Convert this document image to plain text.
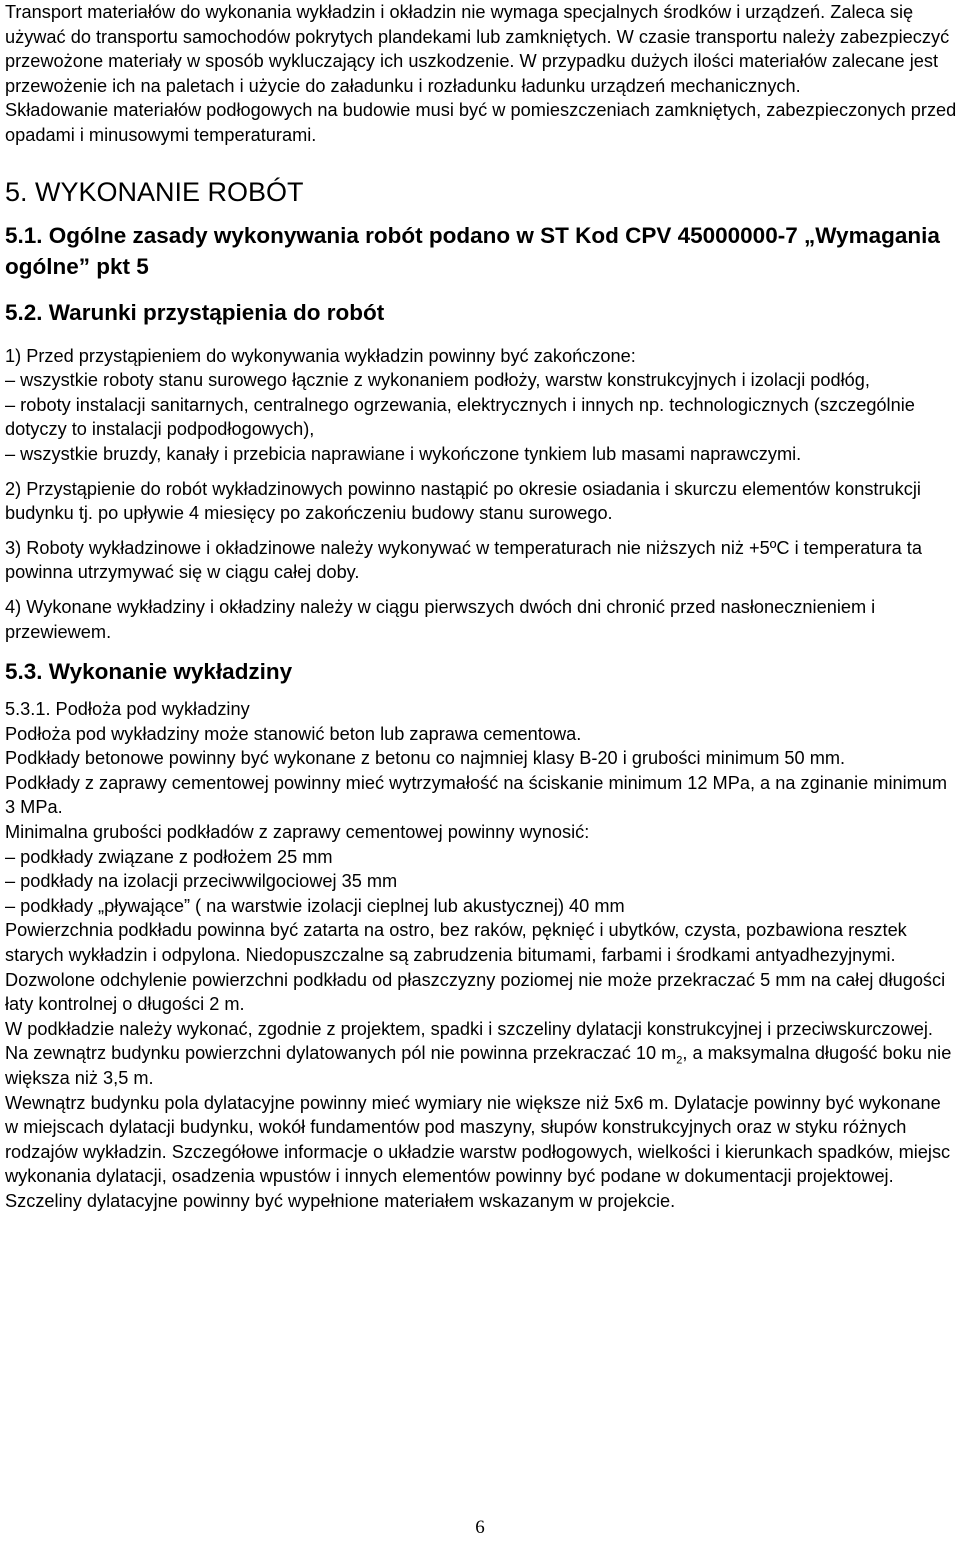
Transport materiałów do wykonania wykładzin i okładzin nie wymaga specjalnych środków i urządzeń. Zaleca się używać do transportu samochodów pokrytych plandekami lub zamkniętych. W czasie transportu należy zabezpieczyć przewożone materiały w sposób wykluczający ich uszkodzenie. W przypadku dużych ilości materiałów zalecane jest przewożenie ich na paletach i użycie do załadunku i rozładunku ładunku urządzeń mechanicznych.

Składowanie materiałów podłogowych na budowie musi być w pomieszczeniach zamkniętych, zabezpieczonych przed opadami i minusowymi temperaturami.

5. WYKONANIE ROBÓT
5.1. Ogólne zasady wykonywania robót podano w ST Kod CPV 45000000-7 „Wymagania ogólne” pkt 5
5.2. Warunki przystąpienia do robót

1) Przed przystąpieniem do wykonywania wykładzin powinny być zakończone:

– wszystkie roboty stanu surowego łącznie z wykonaniem podłoży, warstw konstrukcyjnych i izolacji podłóg,

– roboty instalacji sanitarnych, centralnego ogrzewania, elektrycznych i innych np. technologicznych (szczególnie dotyczy to instalacji podpodłogowych),

– wszystkie bruzdy, kanały i przebicia naprawiane i wykończone tynkiem lub masami naprawczymi.

2) Przystąpienie do robót wykładzinowych powinno nastąpić po okresie osiadania i skurczu elementów konstrukcji budynku tj. po upływie 4 miesięcy po zakończeniu budowy stanu surowego.

3) Roboty wykładzinowe i okładzinowe należy wykonywać w temperaturach nie niższych niż +5ºC i temperatura ta powinna utrzymywać się w ciągu całej doby.

4) Wykonane wykładziny i okładziny należy w ciągu pierwszych dwóch dni chronić przed nasłonecznieniem i przewiewem.

5.3. Wykonanie wykładziny

5.3.1. Podłoża pod wykładziny

Podłoża pod wykładziny może stanowić beton lub zaprawa cementowa.

Podkłady betonowe powinny być wykonane z betonu co najmniej klasy B-20 i grubości minimum 50 mm.

Podkłady z zaprawy cementowej powinny mieć wytrzymałość na ściskanie minimum 12 MPa, a na zginanie minimum 3 MPa.

Minimalna grubości podkładów z zaprawy cementowej powinny wynosić:

– podkłady związane z podłożem 25 mm

– podkłady na izolacji przeciwwilgociowej 35 mm

– podkłady „pływające” ( na warstwie izolacji cieplnej lub akustycznej) 40 mm

Powierzchnia podkładu powinna być zatarta na ostro, bez raków, pęknięć i ubytków, czysta, pozbawiona resztek starych wykładzin i odpylona. Niedopuszczalne są zabrudzenia bitumami, farbami i środkami antyadhezyjnymi.

Dozwolone odchylenie powierzchni podkładu od płaszczyzny poziomej nie może przekraczać 5 mm na całej długości łaty kontrolnej o długości 2 m.

W podkładzie należy wykonać, zgodnie z projektem, spadki i szczeliny dylatacji konstrukcyjnej i przeciwskurczowej. Na zewnątrz budynku powierzchni dylatowanych pól nie powinna przekraczać 10 $m_2$, a maksymalna długość boku nie większa niż 3,5 m.

Wewnątrz budynku pola dylatacyjne powinny mieć wymiary nie większe niż 5x6 m. Dylatacje powinny być wykonane w miejscach dylatacji budynku, wokół fundamentów pod maszyny, słupów konstrukcyjnych oraz w styku różnych rodzajów wykładzin. Szczegółowe informacje o układzie warstw podłogowych, wielkości i kierunkach spadków, miejsc wykonania dylatacji, osadzenia wpustów i innych elementów powinny być podane w dokumentacji projektowej.

Szczeliny dylatacyjne powinny być wypełnione materiałem wskazanym w projekcie.

6
